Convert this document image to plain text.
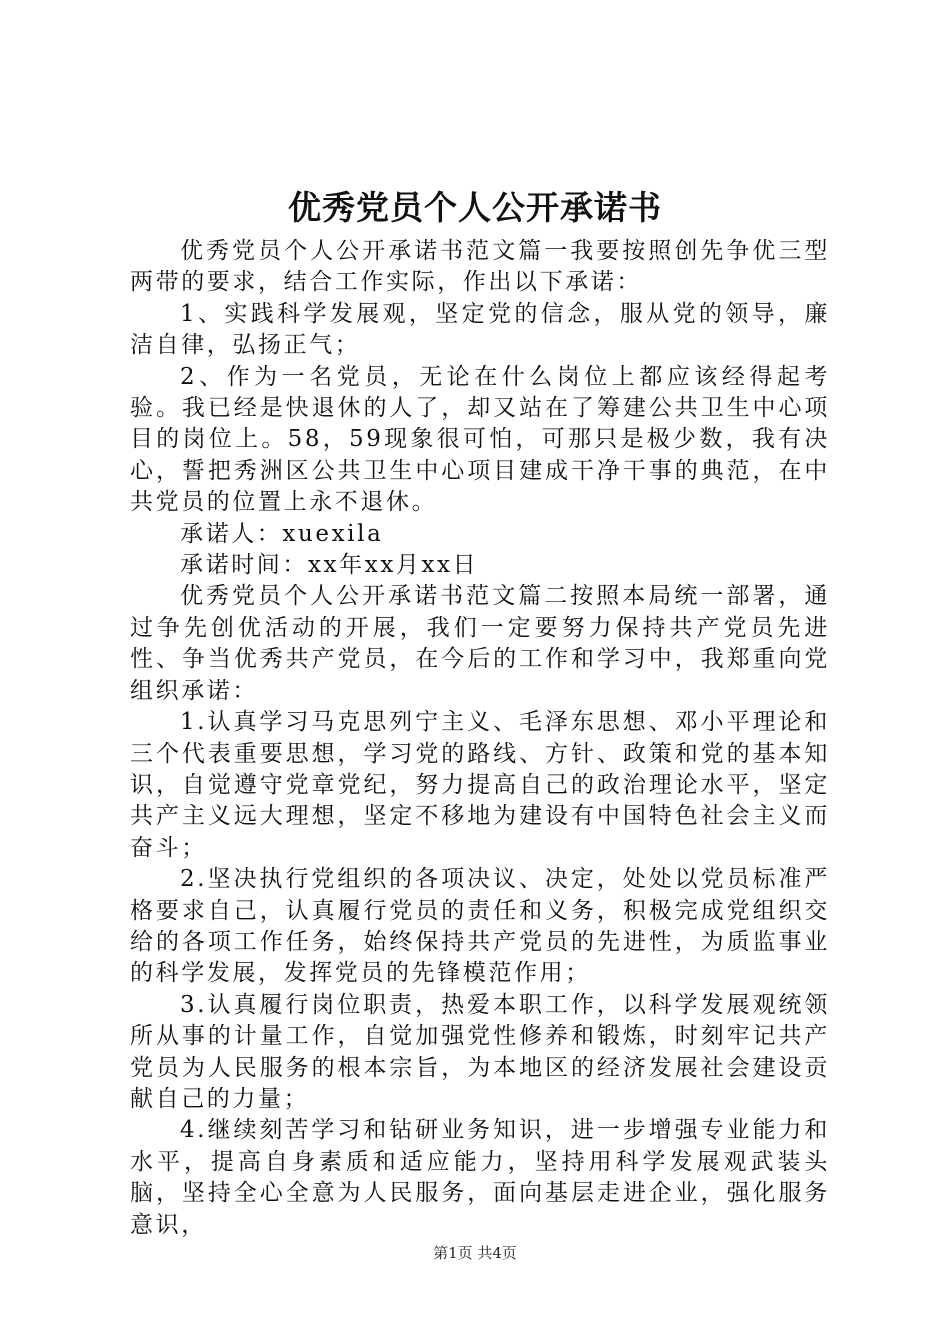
优秀党员个人公开承诺书

优秀党员个人公开承诺书范文篇一我要按照创先争优三型两带的要求，结合工作实际，作出以下承诺：

1、实践科学发展观，坚定党的信念，服从党的领导，廉洁自律，弘扬正气；

2、作为一名党员，无论在什么岗位上都应该经得起考验。我已经是快退休的人了，却又站在了筹建公共卫生中心项目的岗位上。58，59现象很可怕，可那只是极少数，我有决心，誓把秀洲区公共卫生中心项目建成干净干事的典范，在中共党员的位置上永不退休。

承诺人：xuexila

承诺时间：xx年xx月xx日

优秀党员个人公开承诺书范文篇二按照本局统一部署，通过争先创优活动的开展，我们一定要努力保持共产党员先进性、争当优秀共产党员，在今后的工作和学习中，我郑重向党组织承诺：

1.认真学习马克思列宁主义、毛泽东思想、邓小平理论和三个代表重要思想，学习党的路线、方针、政策和党的基本知识，自觉遵守党章党纪，努力提高自己的政治理论水平，坚定共产主义远大理想，坚定不移地为建设有中国特色社会主义而奋斗；

2.坚决执行党组织的各项决议、决定，处处以党员标准严格要求自己，认真履行党员的责任和义务，积极完成党组织交给的各项工作任务，始终保持共产党员的先进性，为质监事业的科学发展，发挥党员的先锋模范作用；

3.认真履行岗位职责，热爱本职工作，以科学发展观统领所从事的计量工作，自觉加强党性修养和锻炼，时刻牢记共产党员为人民服务的根本宗旨，为本地区的经济发展社会建设贡献自己的力量；

4.继续刻苦学习和钻研业务知识，进一步增强专业能力和水平，提高自身素质和适应能力，坚持用科学发展观武装头脑，坚持全心全意为人民服务，面向基层走进企业，强化服务意识，

第1页 共4页
